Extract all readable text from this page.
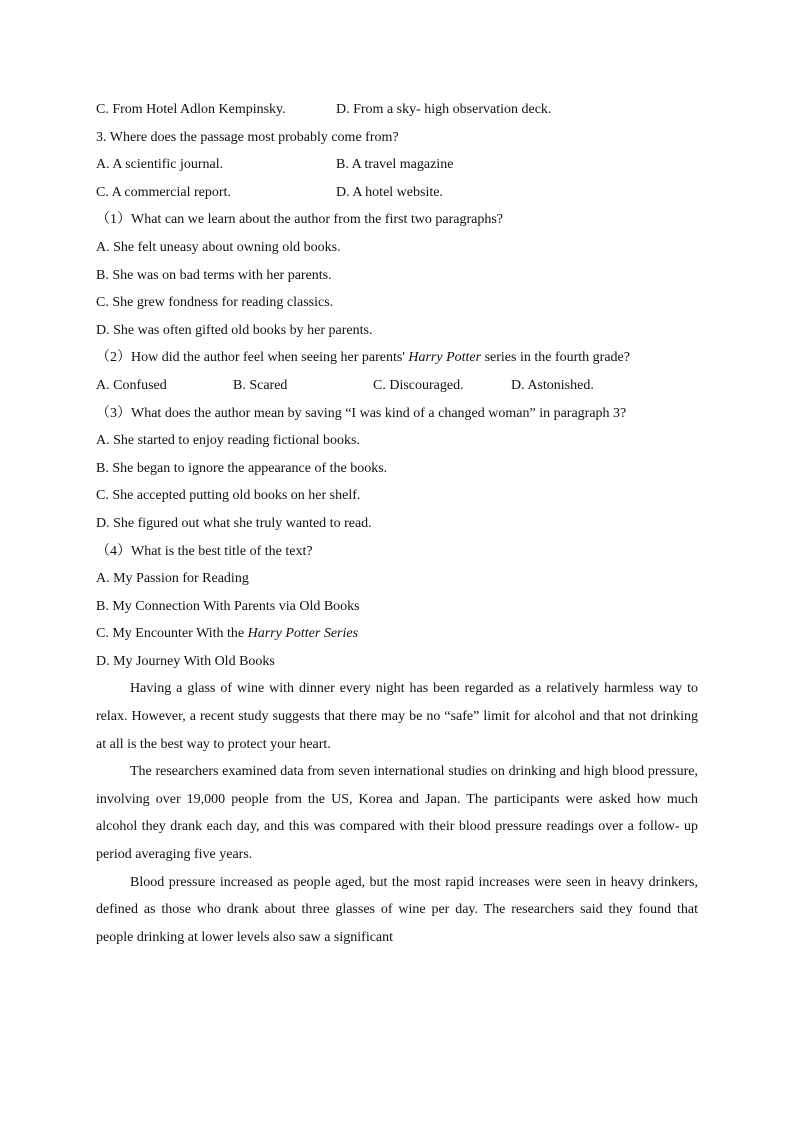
C. From Hotel Adlon Kempinsky.	D. From a sky- high observation deck.

3. Where does the passage most probably come from?

A. A scientific journal.	B. A travel magazine
C. A commercial report.	D. A hotel website.

（1）What can we learn about the author from the first two paragraphs?

A. She felt uneasy about owning old books.

B. She was on bad terms with her parents.

C. She grew fondness for reading classics.

D. She was often gifted old books by her parents.

（2）How did the author feel when seeing her parents' Harry Potter series in the fourth grade?

A. Confused	B. Scared	C. Discouraged.	D. Astonished.

（3）What does the author mean by saving “I was kind of a changed woman” in paragraph 3?

A. She started to enjoy reading fictional books.

B. She began to ignore the appearance of the books.

C. She accepted putting old books on her shelf.

D. She figured out what she truly wanted to read.

（4）What is the best title of the text?

A. My Passion for Reading

B. My Connection With Parents via Old Books

C. My Encounter With the Harry Potter Series

D. My Journey With Old Books

Having a glass of wine with dinner every night has been regarded as a relatively harmless way to relax. However, a recent study suggests that there may be no “safe” limit for alcohol and that not drinking at all is the best way to protect your heart.

The researchers examined data from seven international studies on drinking and high blood pressure, involving over 19,000 people from the US, Korea and Japan. The participants were asked how much alcohol they drank each day, and this was compared with their blood pressure readings over a follow- up period averaging five years.

Blood pressure increased as people aged, but the most rapid increases were seen in heavy drinkers, defined as those who drank about three glasses of wine per day. The researchers said they found that people drinking at lower levels also saw a significant
